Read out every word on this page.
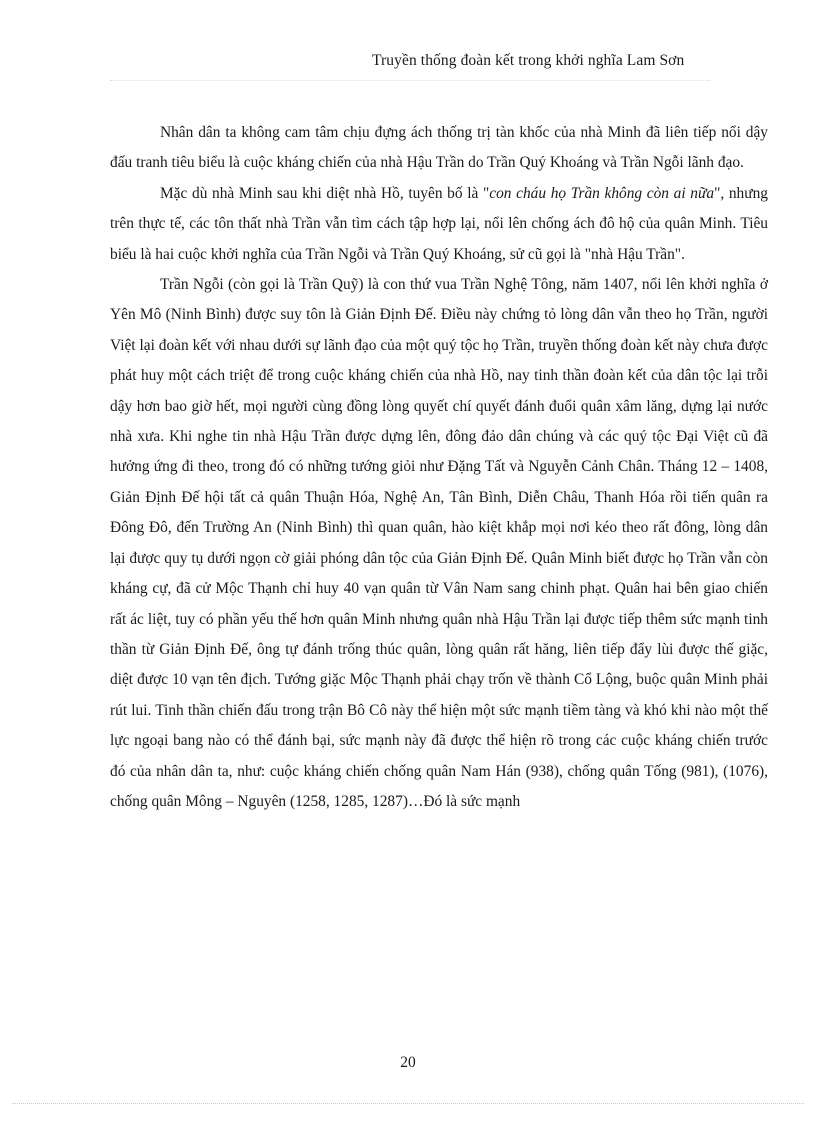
Truyền thống đoàn kết trong khởi nghĩa Lam Sơn

Nhân dân ta không cam tâm chịu đựng ách thống trị tàn khốc của nhà Minh đã liên tiếp nổi dậy đấu tranh tiêu biểu là cuộc kháng chiến của nhà Hậu Trần do Trần Quý Khoáng và Trần Ngỗi lãnh đạo.

Mặc dù nhà Minh sau khi diệt nhà Hồ, tuyên bố là "con cháu họ Trần không còn ai nữa", nhưng trên thực tế, các tôn thất nhà Trần vẫn tìm cách tập hợp lại, nổi lên chống ách đô hộ của quân Minh. Tiêu biểu là hai cuộc khởi nghĩa của Trần Ngỗi và Trần Quý Khoáng, sử cũ gọi là "nhà Hậu Trần".

Trần Ngỗi (còn gọi là Trần Quỹ) là con thứ vua Trần Nghệ Tông, năm 1407, nổi lên khởi nghĩa ở Yên Mô (Ninh Bình) được suy tôn là Giản Định Đế. Điều này chứng tỏ lòng dân vẫn theo họ Trần, người Việt lại đoàn kết với nhau dưới sự lãnh đạo của một quý tộc họ Trần, truyền thống đoàn kết này chưa được phát huy một cách triệt để trong cuộc kháng chiến của nhà Hồ, nay tinh thần đoàn kết của dân tộc lại trỗi dậy hơn bao giờ hết, mọi người cùng đồng lòng quyết chí quyết đánh đuổi quân xâm lăng, dựng lại nước nhà xưa. Khi nghe tin nhà Hậu Trần được dựng lên, đông đảo dân chúng và các quý tộc Đại Việt cũ đã hưởng ứng đi theo, trong đó có những tướng giỏi như Đặng Tất và Nguyễn Cảnh Chân. Tháng 12 – 1408, Giản Định Đế hội tất cả quân Thuận Hóa, Nghệ An, Tân Bình, Diễn Châu, Thanh Hóa rồi tiến quân ra Đông Đô, đến Trường An (Ninh Bình) thì quan quân, hào kiệt khắp mọi nơi kéo theo rất đông, lòng dân lại được quy tụ dưới ngọn cờ giải phóng dân tộc của Giản Định Đế. Quân Minh biết được họ Trần vẫn còn kháng cự, đã cử Mộc Thạnh chỉ huy 40 vạn quân từ Vân Nam sang chinh phạt. Quân hai bên giao chiến rất ác liệt, tuy có phần yếu thế hơn quân Minh nhưng quân nhà Hậu Trần lại được tiếp thêm sức mạnh tinh thần từ Giản Định Đế, ông tự đánh trống thúc quân, lòng quân rất hăng, liên tiếp đẩy lùi được thế giặc, diệt được 10 vạn tên địch. Tướng giặc Mộc Thạnh phải chạy trốn về thành Cổ Lộng, buộc quân Minh phải rút lui. Tinh thần chiến đấu trong trận Bô Cô này thể hiện một sức mạnh tiềm tàng và khó khi nào một thế lực ngoại bang nào có thể đánh bại, sức mạnh này đã được thể hiện rõ trong các cuộc kháng chiến trước đó của nhân dân ta, như: cuộc kháng chiến chống quân Nam Hán (938), chống quân Tống (981), (1076), chống quân Mông – Nguyên (1258, 1285, 1287)…Đó là sức mạnh

20
